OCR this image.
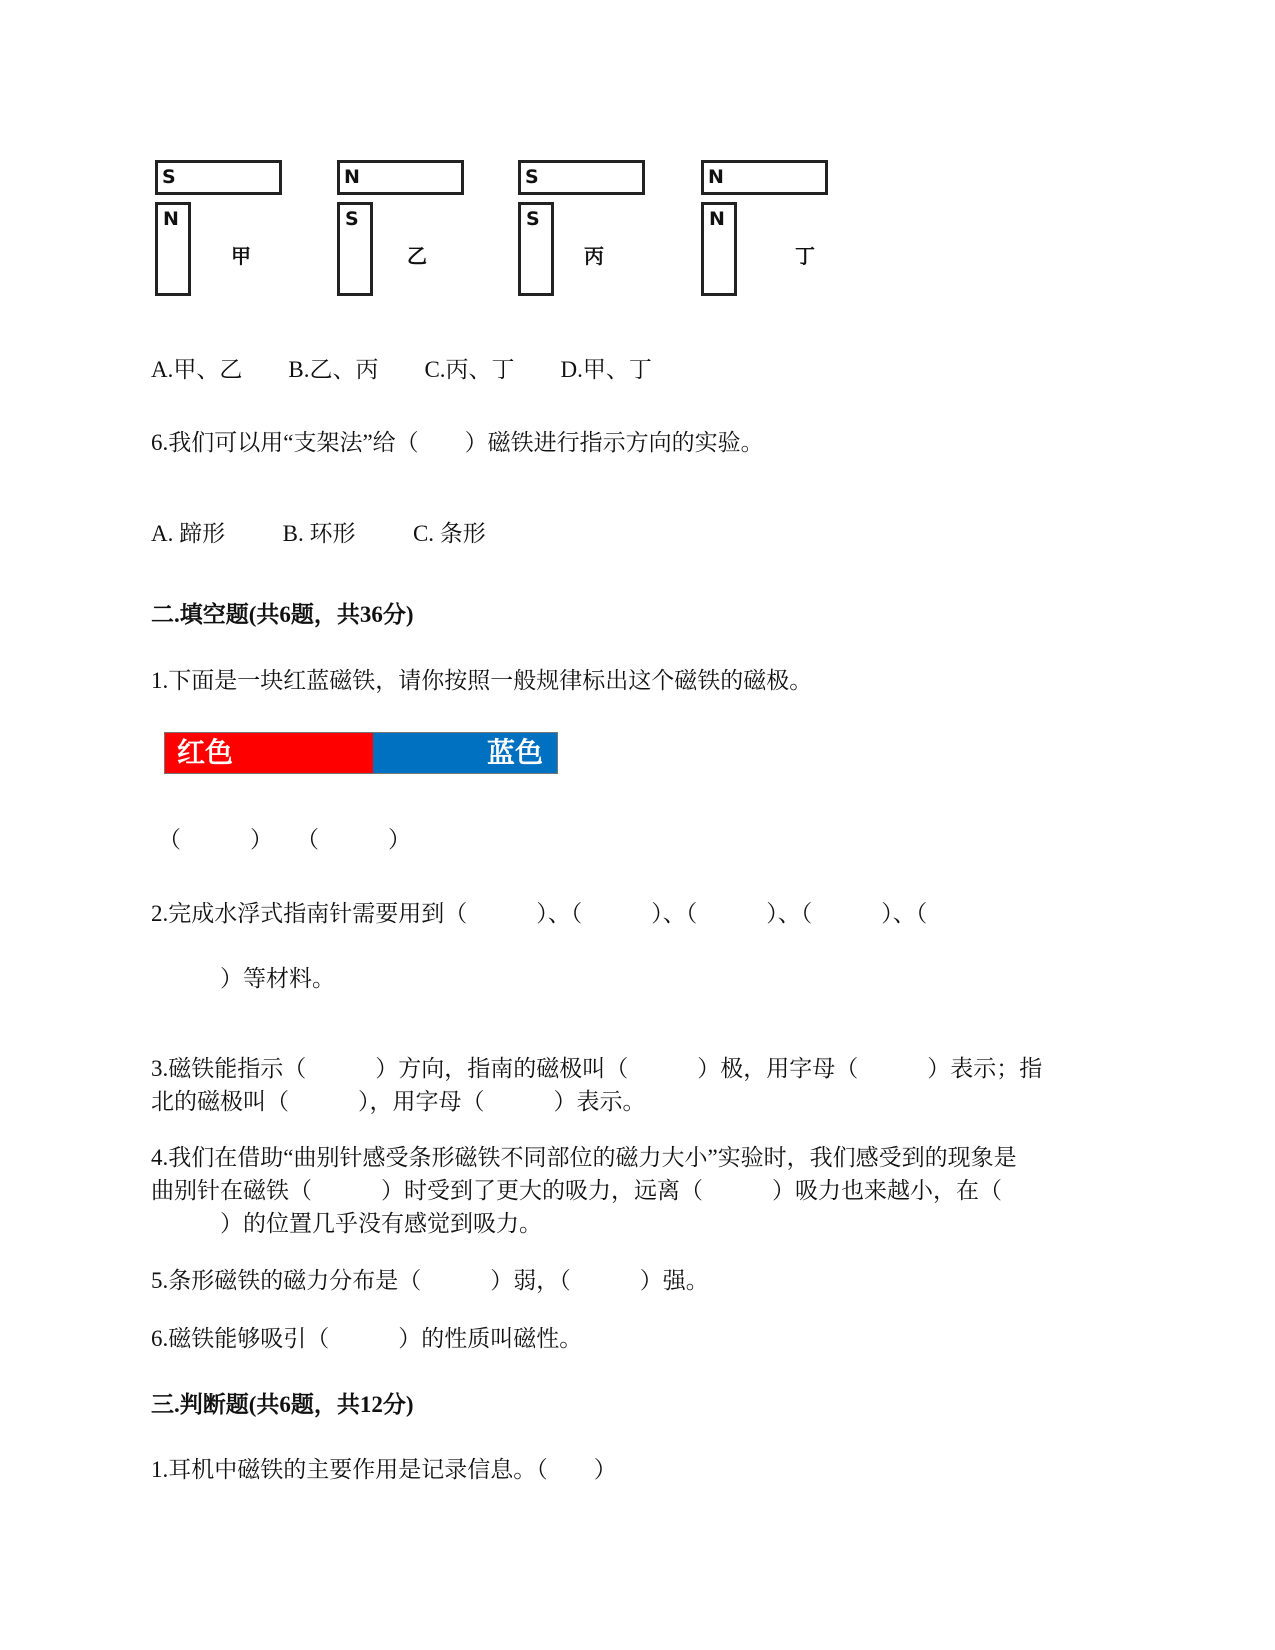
S
N
甲
N
S
乙
S
S
丙
N
N
丁
A.甲、乙　　B.乙、丙　　C.丙、丁　　D.甲、丁
6.我们可以用“支架法”给（　　）磁铁进行指示方向的实验。
A. 蹄形          B. 环形          C. 条形
二.填空题(共6题，共36分)
1.下面是一块红蓝磁铁，请你按照一般规律标出这个磁铁的磁极。
红色	蓝色
（　　　）　　（　　　）
2.完成水浮式指南针需要用到（　　　）、（　　　）、（　　　）、（　　　）、（
　　　）等材料。
3.磁铁能指示（　　　）方向，指南的磁极叫（　　　）极，用字母（　　　）表示；指
北的磁极叫（　　　），用字母（　　　）表示。
4.我们在借助“曲别针感受条形磁铁不同部位的磁力大小”实验时，我们感受到的现象是
曲别针在磁铁（　　　）时受到了更大的吸力，远离（　　　）吸力也来越小，在（
　　　）的位置几乎没有感觉到吸力。
5.条形磁铁的磁力分布是（　　　）弱，（　　　）强。
6.磁铁能够吸引（　　　）的性质叫磁性。
三.判断题(共6题，共12分)
1.耳机中磁铁的主要作用是记录信息。（　　）
